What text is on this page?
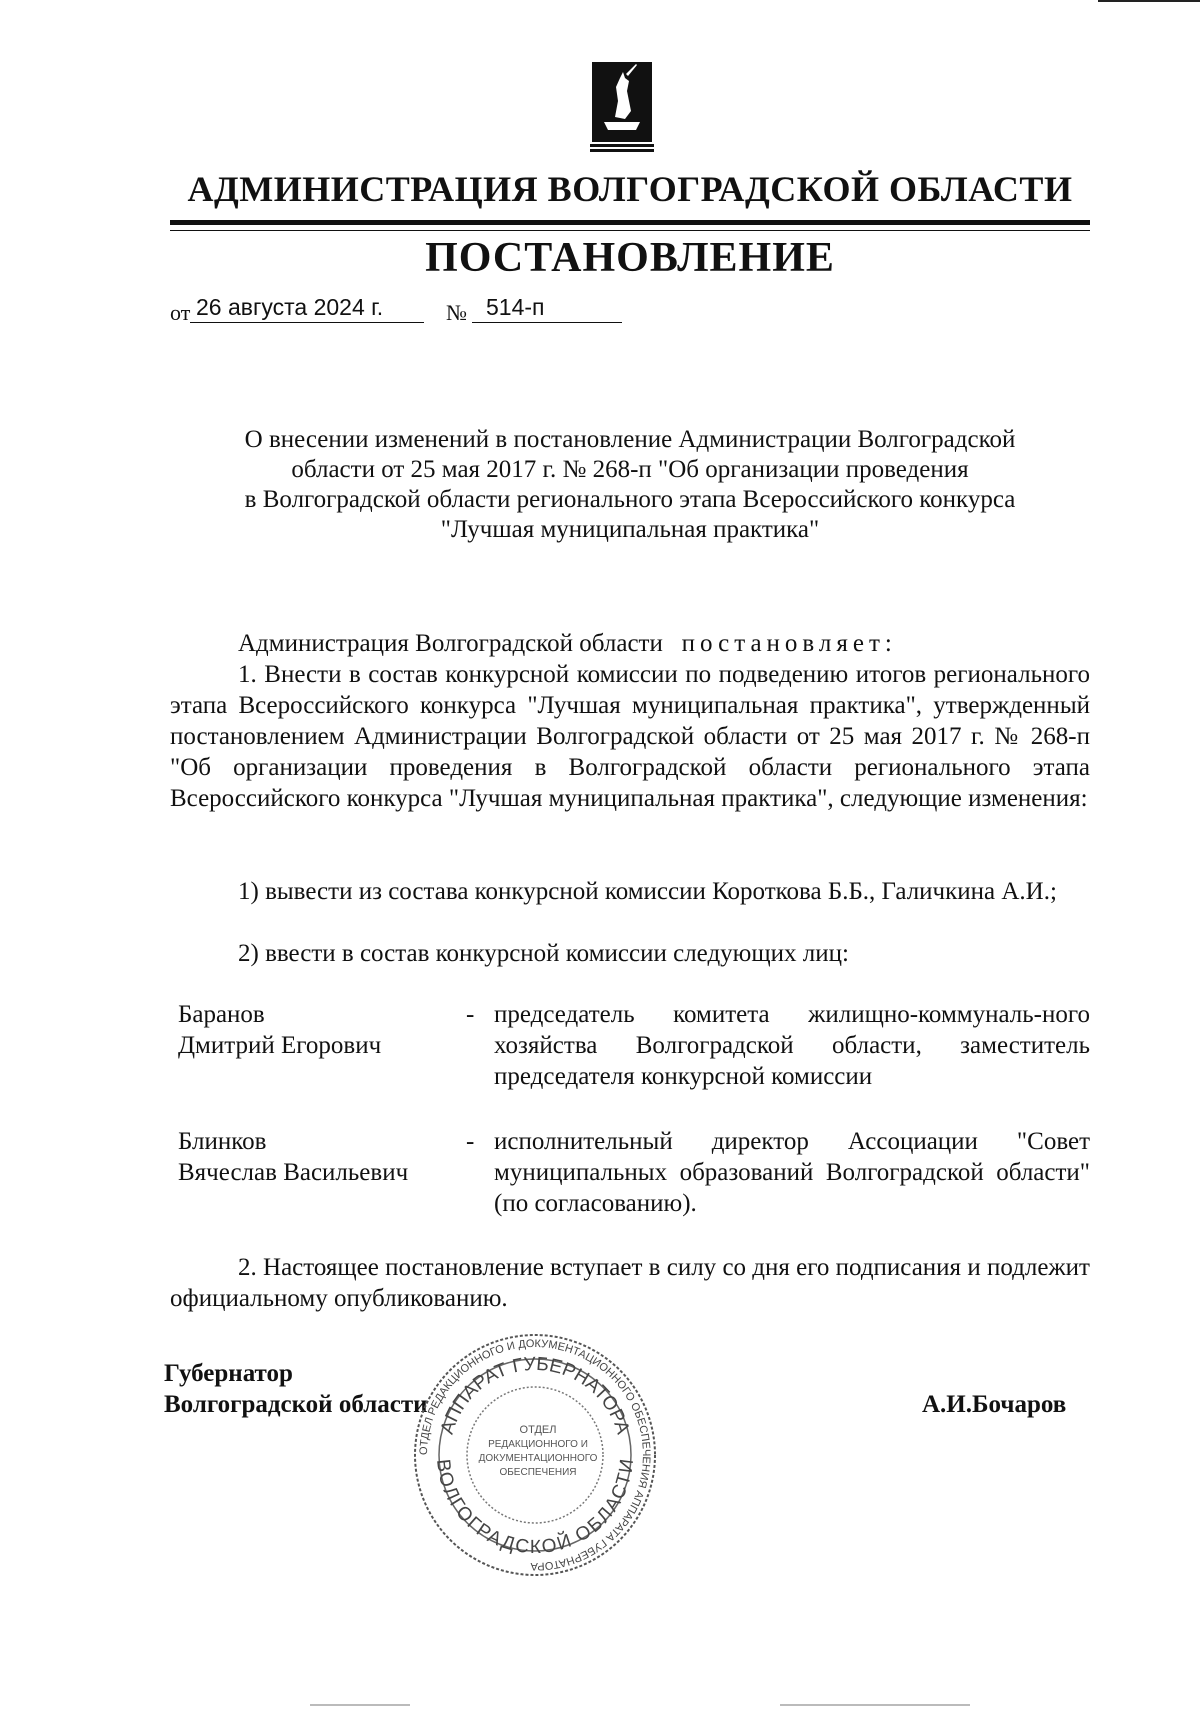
АДМИНИСТРАЦИЯ ВОЛГОГРАДСКОЙ ОБЛАСТИ
ПОСТАНОВЛЕНИЕ
от 26 августа 2024 г.	№ 514-п
О внесении изменений в постановление Администрации Волгоградской
области от 25 мая 2017 г. № 268-п "Об организации проведения
в Волгоградской области регионального этапа Всероссийского конкурса
"Лучшая муниципальная практика"

Администрация Волгоградской области постановляет:

1. Внести в состав конкурсной комиссии по подведению итогов регионального этапа Всероссийского конкурса "Лучшая муниципальная практика", утвержденный постановлением Администрации Волгоградской области от 25 мая 2017 г. № 268-п "Об организации проведения в Волгоградской области регионального этапа Всероссийского конкурса "Лучшая муниципальная практика", следующие изменения:

1) вывести из состава конкурсной комиссии Короткова Б.Б., Галичкина А.И.;

2) ввести в состав конкурсной комиссии следующих лиц:

Баранов
Дмитрий Егорович
- председатель комитета жилищно-коммуналь-ного хозяйства Волгоградской области, заместитель председателя конкурсной комиссии
Блинков
Вячеслав Васильевич
- исполнительный директор Ассоциации "Совет муниципальных образований Волгоградской области" (по согласованию).

2. Настоящее постановление вступает в силу со дня его подписания и подлежит официальному опубликованию.

Губернатор
Волгоградской области	А.И.Бочаров
ОТДЕЛ РЕДАКЦИОННОГО И ДОКУМЕНТАЦИОННОГО ОБЕСПЕЧЕНИЯ АППАРАТА ГУБЕРНАТОРА
АППАРАТ ГУБЕРНАТОРА
ВОЛГОГРАДСКОЙ ОБЛАСТИ
ОТДЕЛ
РЕДАКЦИОННОГО И
ДОКУМЕНТАЦИОННОГО
ОБЕСПЕЧЕНИЯ
